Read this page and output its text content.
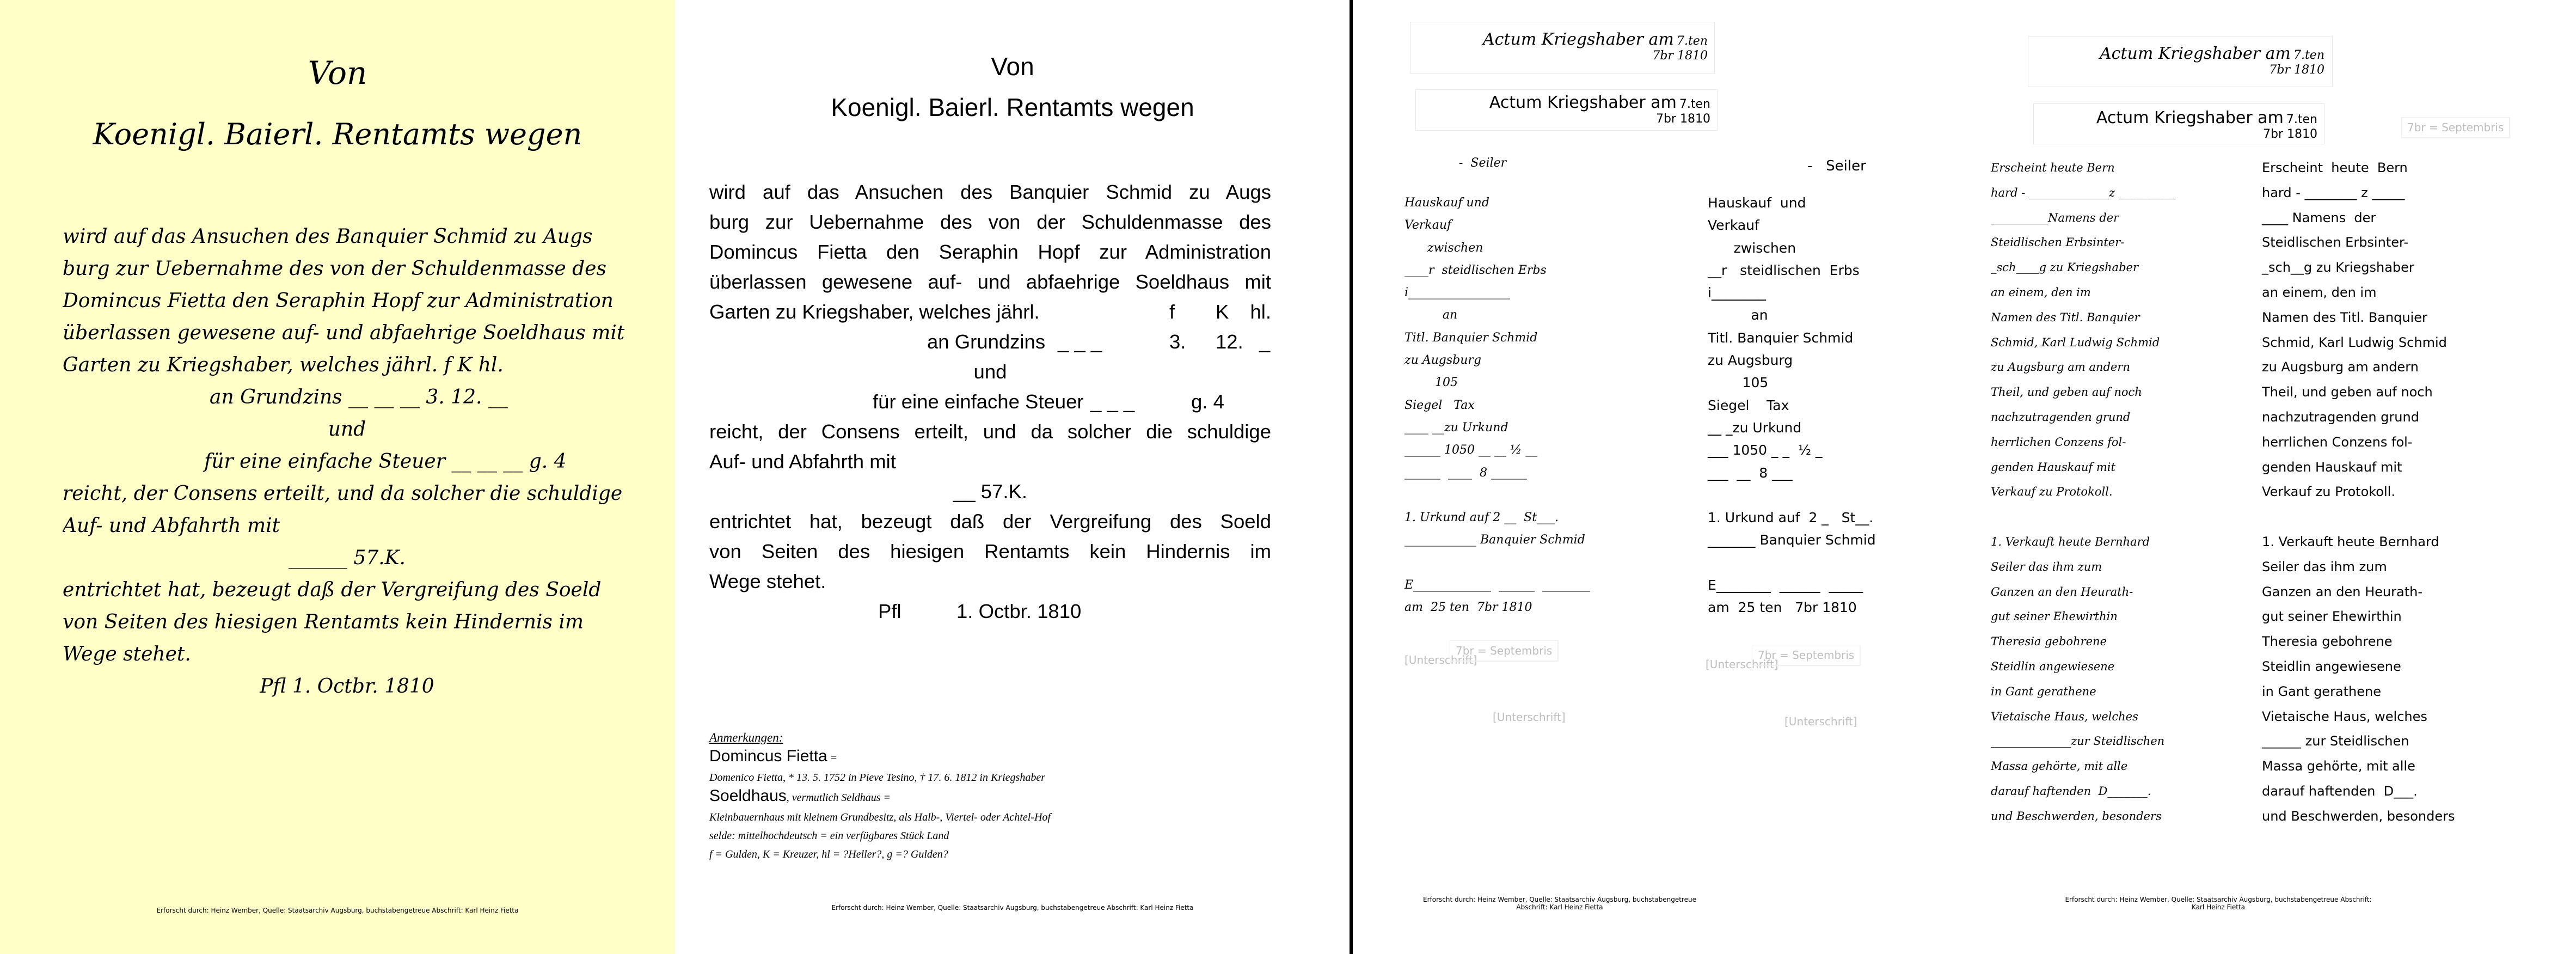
Von
Koenigl. Baierl. Rentamts wegen
wird auf das Ansuchen des Banquier Schmid zu Augs
burg zur Uebernahme des von der Schuldenmasse des
Domincus Fietta den Seraphin Hopf zur Administration
überlassen gewesene auf- und abfaehrige Soeldhaus mit
Garten zu Kriegshaber, welches jährl. f K hl.
an Grundzins __ __ __ 3. 12. __
und
für eine einfache Steuer __ __ __ g. 4
reicht, der Consens erteilt, und da solcher die schuldige
Auf- und Abfahrth mit
______ 57.K.
entrichtet hat, bezeugt daß der Vergreifung des Soeld
von Seiten des hiesigen Rentamts kein Hindernis im
Wege stehet.
Pfl 1. Octbr. 1810
Erforscht durch: Heinz Wember, Quelle: Staatsarchiv Augsburg, buchstabengetreue Abschrift: Karl Heinz Fietta
Von
Koenigl. Baierl. Rentamts wegen
wird auf das Ansuchen des Banquier Schmid zu Augs
burg zur Uebernahme des von der Schuldenmasse des
Domincus Fietta den Seraphin Hopf zur Administration
überlassen gewesene auf- und abfaehrige Soeldhaus mit
Garten zu Kriegshaber, welches jährl.	f K hl.
an Grundzins _ _ _	3. 12. _
und
für eine einfache Steuer _ _ _	g. 4
reicht, der Consens erteilt, und da solcher die schuldige
Auf- und Abfahrth mit
__ 57.K.
entrichtet hat, bezeugt daß der Vergreifung des Soeld
von Seiten des hiesigen Rentamts kein Hindernis im
Wege stehet.
Pfl          1. Octbr. 1810
Anmerkungen:
Domincus Fietta =
Domenico Fietta, * 13. 5. 1752 in Pieve Tesino, † 17. 6. 1812 in Kriegshaber
Soeldhaus, vermutlich Seldhaus =
Kleinbauernhaus mit kleinem Grundbesitz, als Halb-, Viertel- oder Achtel-Hof
selde: mittelhochdeutsch = ein verfügbares Stück Land
f = Gulden, K = Kreuzer, hl = ?Heller?, g =? Gulden?
Erforscht durch: Heinz Wember, Quelle: Staatsarchiv Augsburg, buchstabengetreue Abschrift: Karl Heinz Fietta
Actum Kriegshaber am 7.ten
7br 1810
Actum Kriegshaber am 7.ten
7br 1810
-  Seiler	-   Seiler
Hauskauf und
Verkauf
zwischen
____r  steidlischen Erbs
i_________________
an
Titl. Banquier Schmid
zu Augsburg
105
Siegel   Tax
____ __zu Urkund
______ 1050 __ __ ½ __
______  ____  8 ______

1. Urkund auf 2 __  St___.
____________ Banquier Schmid

E_____________  ______  ________
am  25 ten  7br 1810
Hauskauf  und
Verkauf
zwischen
__r   steidlischen  Erbs
i________
an
Titl. Banquier Schmid
zu Augsburg
105
Siegel    Tax
__ _zu Urkund
___ 1050 _ _  ½ _
___  __  8 ___

1. Urkund auf  2 _   St__.
_______ Banquier Schmid

E________  ______  _____
am  25 ten   7br 1810
[Unterschrift]
7br = Septembris
[Unterschrift]
7br = Septembris
[Unterschrift]	[Unterschrift]
Erforscht durch: Heinz Wember, Quelle: Staatsarchiv Augsburg, buchstabengetreue Abschrift: Karl Heinz Fietta
Actum Kriegshaber am 7.ten
7br 1810
Actum Kriegshaber am 7.ten
7br 1810	7br = Septembris
Erscheint heute Bern
hard - ______________z __________
__________Namens der
Steidlischen Erbsinter-
_sch____g zu Kriegshaber
an einem, den im
Namen des Titl. Banquier
Schmid, Karl Ludwig Schmid
zu Augsburg am andern
Theil, und geben auf noch
nachzutragenden grund
herrlichen Conzens fol-
genden Hauskauf mit
Verkauf zu Protokoll.

1. Verkauft heute Bernhard
Seiler das ihm zum
Ganzen an den Heurath-
gut seiner Ehewirthin
Theresia gebohrene
Steidlin angewiesene
in Gant gerathene
Vietaische Haus, welches
______________zur Steidlischen
Massa gehörte, mit alle
darauf haftenden  D_______.
und Beschwerden, besonders
Erscheint  heute  Bern
hard - ________ z _____
____ Namens  der
Steidlischen Erbsinter-
_sch__g zu Kriegshaber
an einem, den im
Namen des Titl. Banquier
Schmid, Karl Ludwig Schmid
zu Augsburg am andern
Theil, und geben auf noch
nachzutragenden grund
herrlichen Conzens fol-
genden Hauskauf mit
Verkauf zu Protokoll.

1. Verkauft heute Bernhard
Seiler das ihm zum
Ganzen an den Heurath-
gut seiner Ehewirthin
Theresia gebohrene
Steidlin angewiesene
in Gant gerathene
Vietaische Haus, welches
______ zur Steidlischen
Massa gehörte, mit alle
darauf haftenden  D___.
und Beschwerden, besonders
Erforscht durch: Heinz Wember, Quelle: Staatsarchiv Augsburg, buchstabengetreue Abschrift: Karl Heinz Fietta
